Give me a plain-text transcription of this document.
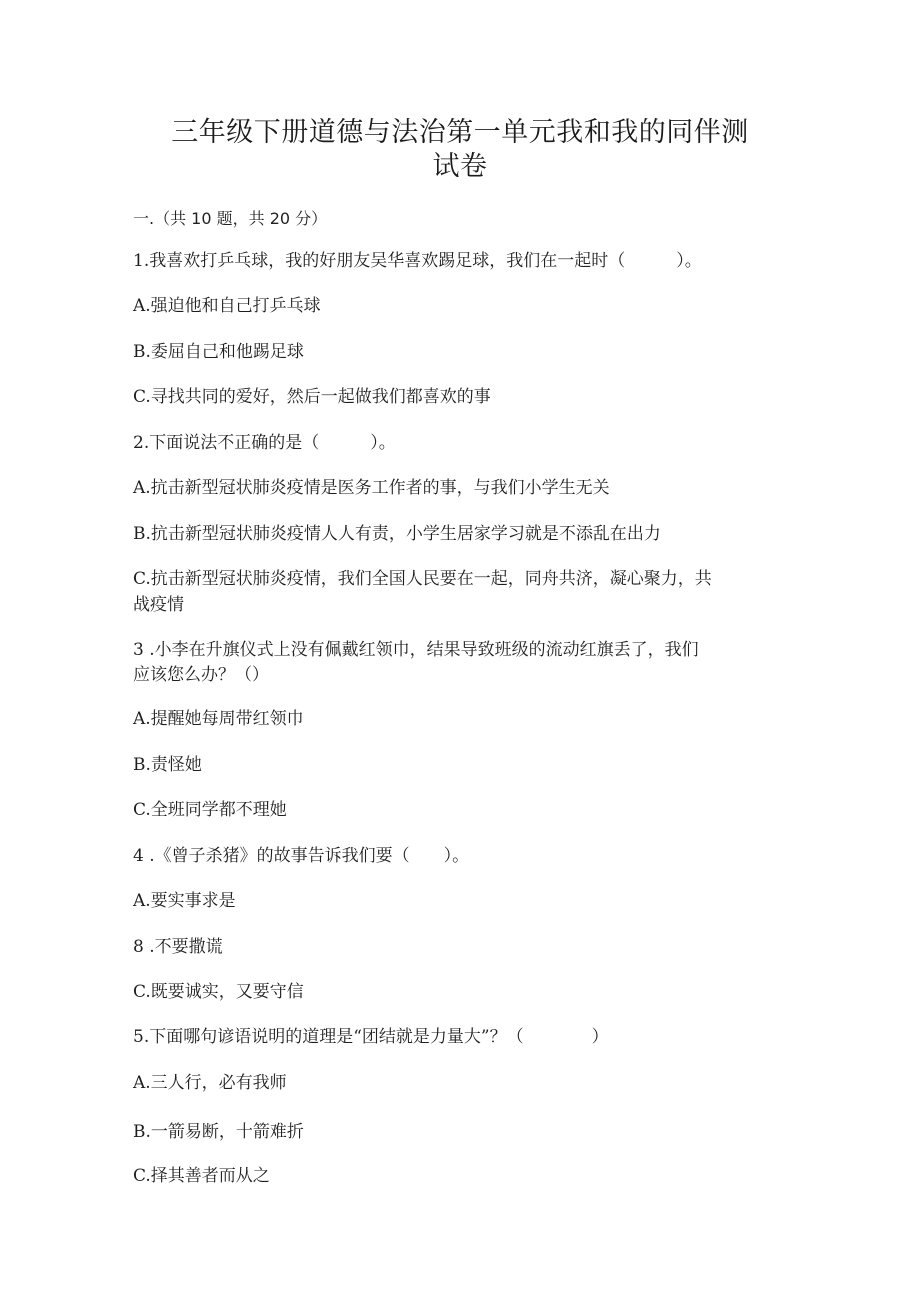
三年级下册道德与法治第一单元我和我的同伴测
试卷
一.（共 10 题，共 20 分）
1.我喜欢打乒乓球，我的好朋友吴华喜欢踢足球，我们在一起时（　　　）。
A.强迫他和自己打乒乓球
B.委屈自己和他踢足球
C.寻找共同的爱好，然后一起做我们都喜欢的事
2.下面说法不正确的是（　　　）。
A.抗击新型冠状肺炎疫情是医务工作者的事，与我们小学生无关
B.抗击新型冠状肺炎疫情人人有责，小学生居家学习就是不添乱在出力
C.抗击新型冠状肺炎疫情，我们全国人民要在一起，同舟共济，凝心聚力，共
战疫情
3 .小李在升旗仪式上没有佩戴红领巾，结果导致班级的流动红旗丢了，我们
应该您么办？（）
A.提醒她每周带红领巾
B.责怪她
C.全班同学都不理她
4 .《曾子杀猪》的故事告诉我们要（　　）。
A.要实事求是
8 .不要撒谎
C.既要诚实，又要守信
5.下面哪句谚语说明的道理是“团结就是力量大”？（　　　　）
A.三人行，必有我师
B.一箭易断，十箭难折
C.择其善者而从之
